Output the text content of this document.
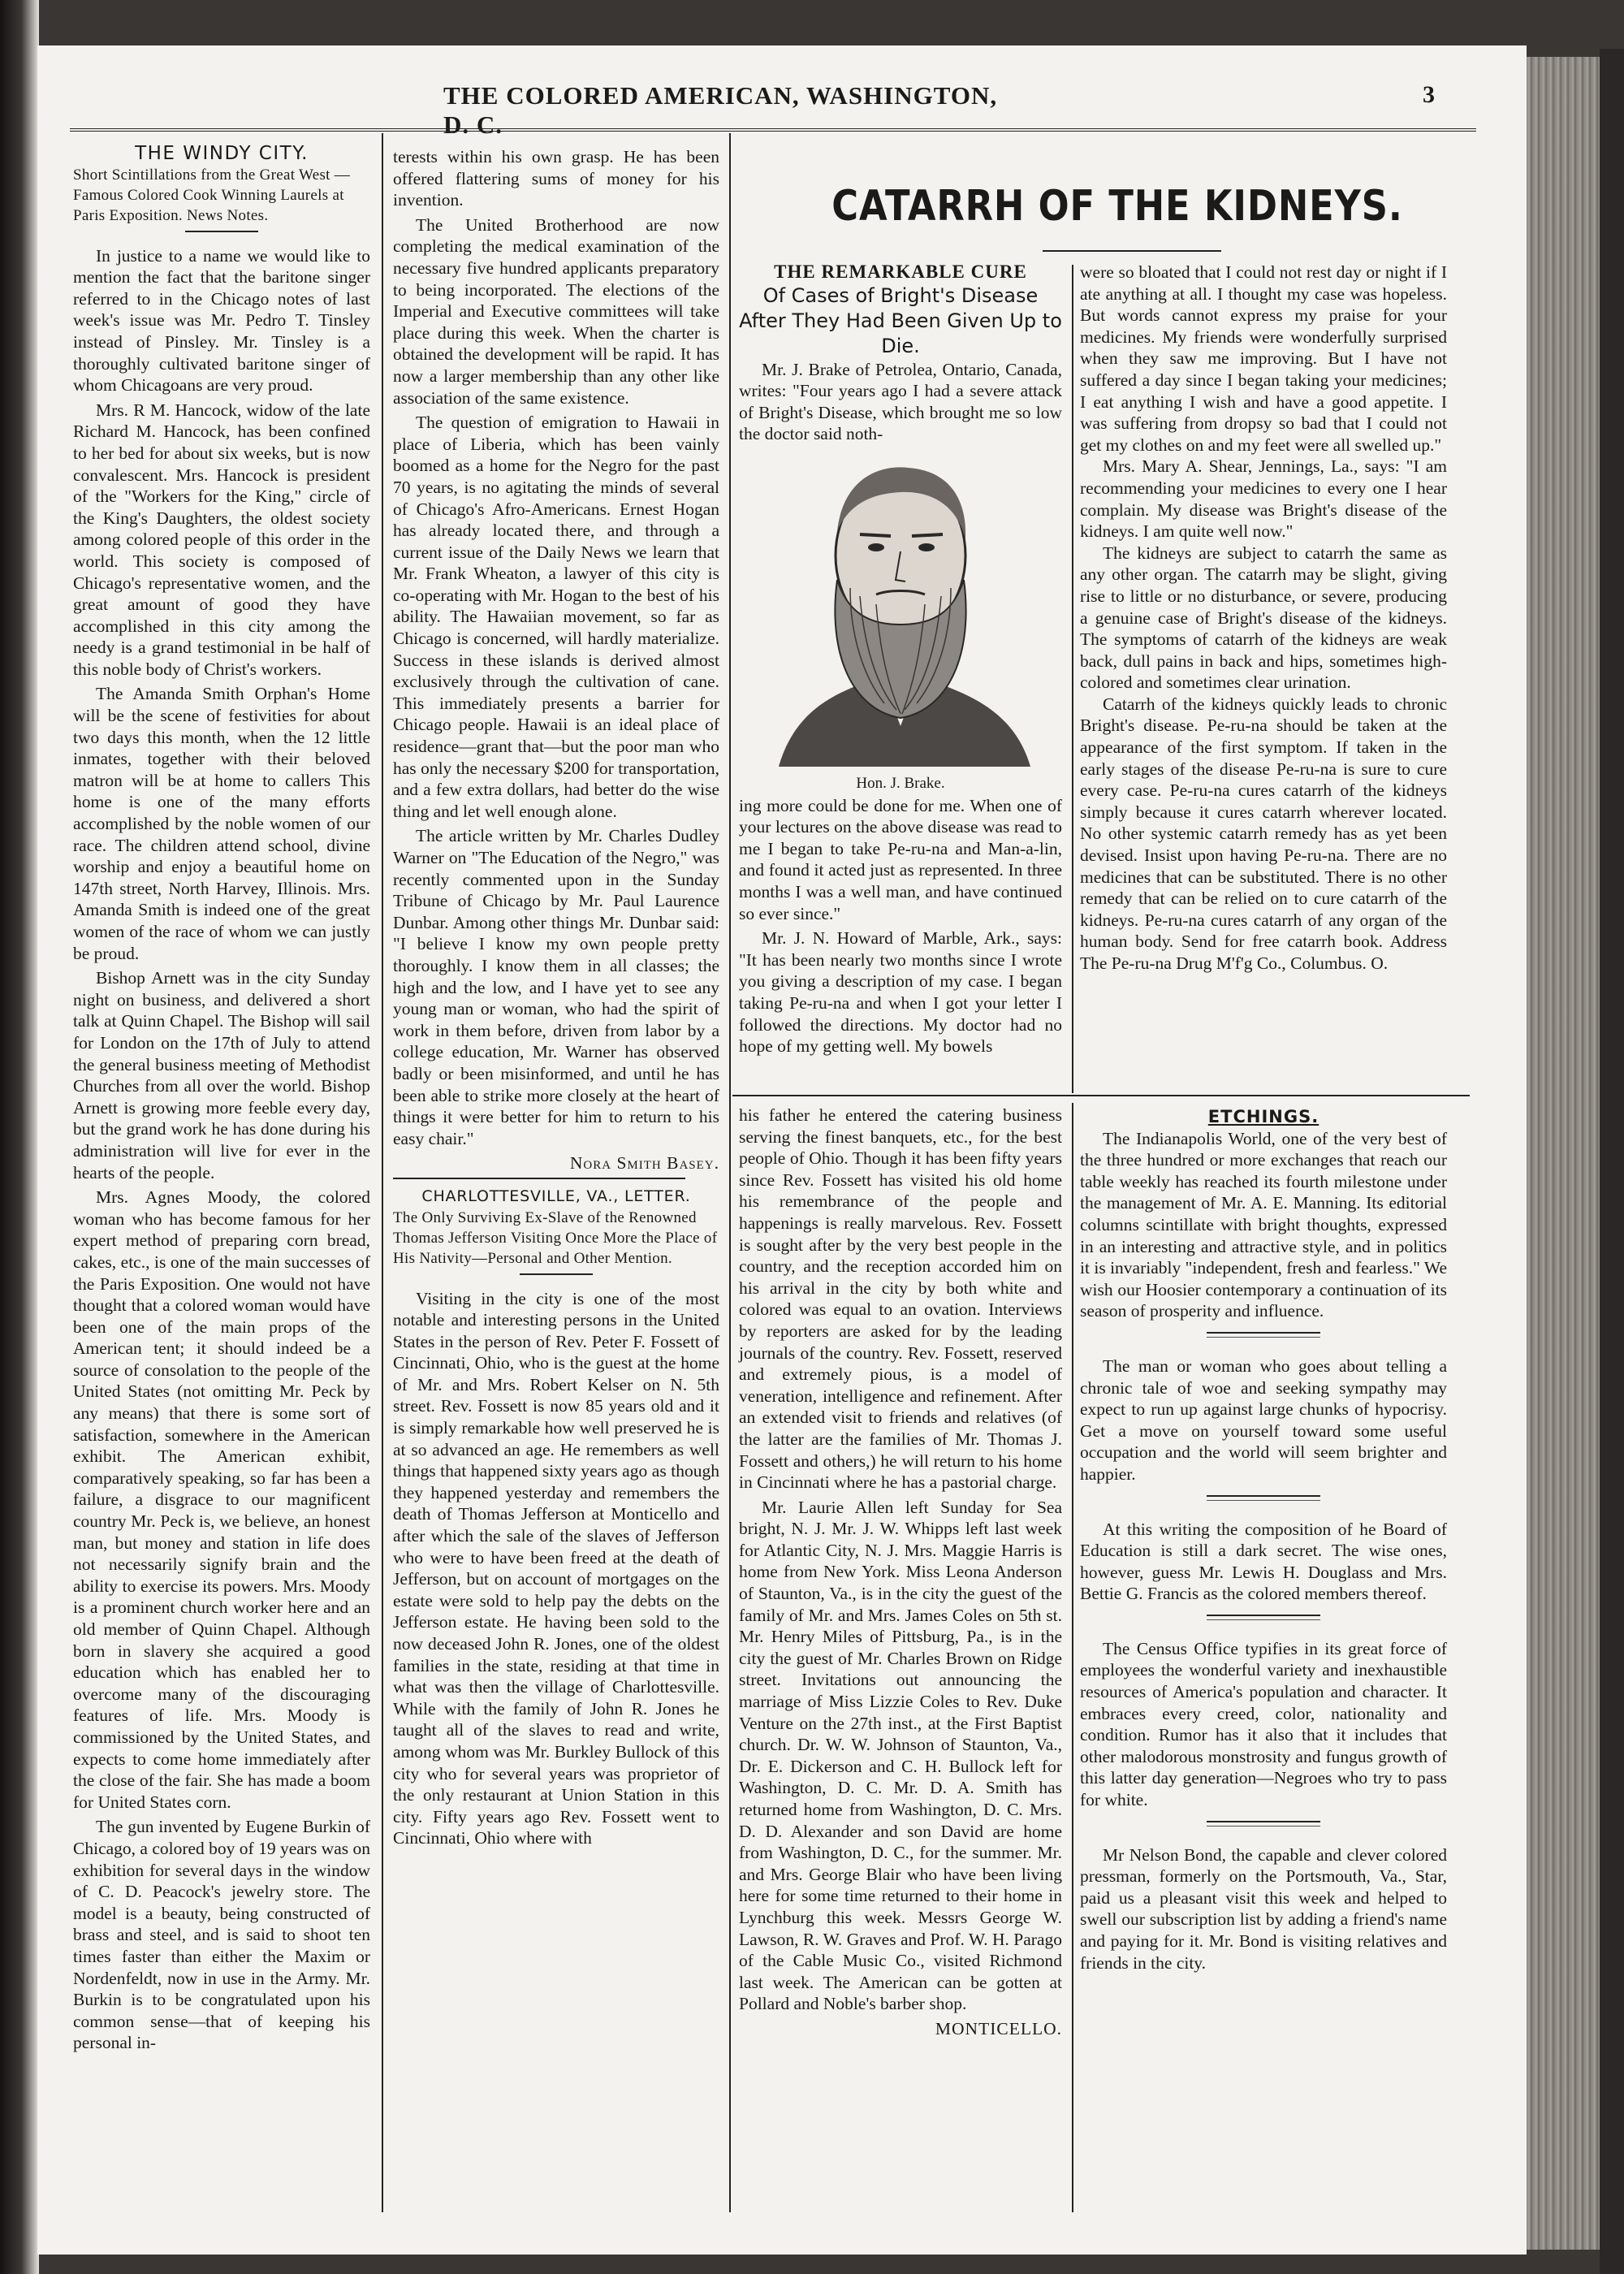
THE COLORED AMERICAN, WASHINGTON, D. C.
3

THE WINDY CITY.

Short Scintillations from the Great West —Famous Colored Cook Winning Laurels at Paris Exposition. News Notes.

In justice to a name we would like to mention the fact that the baritone singer referred to in the Chicago notes of last week's issue was Mr. Pedro T. Tinsley instead of Pinsley. Mr. Tinsley is a thoroughly cultivated baritone singer of whom Chicagoans are very proud.

Mrs. R M. Hancock, widow of the late Richard M. Hancock, has been confined to her bed for about six weeks, but is now convalescent. Mrs. Hancock is president of the "Workers for the King," circle of the King's Daughters, the oldest society among colored people of this order in the world. This society is composed of Chicago's representative women, and the great amount of good they have accomplished in this city among the needy is a grand testimonial in be half of this noble body of Christ's workers.

The Amanda Smith Orphan's Home will be the scene of festivities for about two days this month, when the 12 little inmates, together with their beloved matron will be at home to callers This home is one of the many efforts accomplished by the noble women of our race. The children attend school, divine worship and enjoy a beautiful home on 147th street, North Harvey, Illinois. Mrs. Amanda Smith is indeed one of the great women of the race of whom we can justly be proud.

Bishop Arnett was in the city Sunday night on business, and delivered a short talk at Quinn Chapel. The Bishop will sail for London on the 17th of July to attend the general business meeting of Methodist Churches from all over the world. Bishop Arnett is growing more feeble every day, but the grand work he has done during his administration will live for ever in the hearts of the people.

Mrs. Agnes Moody, the colored woman who has become famous for her expert method of preparing corn bread, cakes, etc., is one of the main successes of the Paris Exposition. One would not have thought that a colored woman would have been one of the main props of the American tent; it should indeed be a source of consolation to the people of the United States (not omitting Mr. Peck by any means) that there is some sort of satisfaction, somewhere in the American exhibit. The American exhibit, comparatively speaking, so far has been a failure, a disgrace to our magnificent country Mr. Peck is, we believe, an honest man, but money and station in life does not necessarily signify brain and the ability to exercise its powers. Mrs. Moody is a prominent church worker here and an old member of Quinn Chapel. Although born in slavery she acquired a good education which has enabled her to overcome many of the discouraging features of life. Mrs. Moody is commissioned by the United States, and expects to come home immediately after the close of the fair. She has made a boom for United States corn.

The gun invented by Eugene Burkin of Chicago, a colored boy of 19 years was on exhibition for several days in the window of C. D. Peacock's jewelry store. The model is a beauty, being constructed of brass and steel, and is said to shoot ten times faster than either the Maxim or Nordenfeldt, now in use in the Army. Mr. Burkin is to be congratulated upon his common sense—that of keeping his personal in-

terests within his own grasp. He has been offered flattering sums of money for his invention.

The United Brotherhood are now completing the medical examination of the necessary five hundred applicants preparatory to being incorporated. The elections of the Imperial and Executive committees will take place during this week. When the charter is obtained the development will be rapid. It has now a larger membership than any other like association of the same existence.

The question of emigration to Hawaii in place of Liberia, which has been vainly boomed as a home for the Negro for the past 70 years, is no agitating the minds of several of Chicago's Afro-Americans. Ernest Hogan has already located there, and through a current issue of the Daily News we learn that Mr. Frank Wheaton, a lawyer of this city is co-operating with Mr. Hogan to the best of his ability. The Hawaiian movement, so far as Chicago is concerned, will hardly materialize. Success in these islands is derived almost exclusively through the cultivation of cane. This immediately presents a barrier for Chicago people. Hawaii is an ideal place of residence—grant that—but the poor man who has only the necessary $200 for transportation, and a few extra dollars, had better do the wise thing and let well enough alone.

The article written by Mr. Charles Dudley Warner on "The Education of the Negro," was recently commented upon in the Sunday Tribune of Chicago by Mr. Paul Laurence Dunbar. Among other things Mr. Dunbar said: "I believe I know my own people pretty thoroughly. I know them in all classes; the high and the low, and I have yet to see any young man or woman, who had the spirit of work in them before, driven from labor by a college education, Mr. Warner has observed badly or been misinformed, and until he has been able to strike more closely at the heart of things it were better for him to return to his easy chair."

Nora Smith Basey.

CHARLOTTESVILLE, VA., LETTER.

The Only Surviving Ex-Slave of the Renowned Thomas Jefferson Visiting Once More the Place of His Nativity—Personal and Other Mention.

Visiting in the city is one of the most notable and interesting persons in the United States in the person of Rev. Peter F. Fossett of Cincinnati, Ohio, who is the guest at the home of Mr. and Mrs. Robert Kelser on N. 5th street. Rev. Fossett is now 85 years old and it is simply remarkable how well preserved he is at so advanced an age. He remembers as well things that happened sixty years ago as though they happened yesterday and remembers the death of Thomas Jefferson at Monticello and after which the sale of the slaves of Jefferson who were to have been freed at the death of Jefferson, but on account of mortgages on the estate were sold to help pay the debts on the Jefferson estate. He having been sold to the now deceased John R. Jones, one of the oldest families in the state, residing at that time in what was then the village of Charlottesville. While with the family of John R. Jones he taught all of the slaves to read and write, among whom was Mr. Burkley Bullock of this city who for several years was proprietor of the only restaurant at Union Station in this city. Fifty years ago Rev. Fossett went to Cincinnati, Ohio where with

CATARRH OF THE KIDNEYS.

THE REMARKABLE CURE

Of Cases of Bright's Disease After They Had Been Given Up to Die.

Mr. J. Brake of Petrolea, Ontario, Canada, writes: "Four years ago I had a severe attack of Bright's Disease, which brought me so low the doctor said noth-

Hon. J. Brake.

ing more could be done for me. When one of your lectures on the above disease was read to me I began to take Pe-ru-na and Man-a-lin, and found it acted just as represented. In three months I was a well man, and have continued so ever since."

Mr. J. N. Howard of Marble, Ark., says: "It has been nearly two months since I wrote you giving a description of my case. I began taking Pe-ru-na and when I got your letter I followed the directions. My doctor had no hope of my getting well. My bowels

were so bloated that I could not rest day or night if I ate anything at all. I thought my case was hopeless. But words cannot express my praise for your medicines. My friends were wonderfully surprised when they saw me improving. But I have not suffered a day since I began taking your medicines; I eat anything I wish and have a good appetite. I was suffering from dropsy so bad that I could not get my clothes on and my feet were all swelled up."

Mrs. Mary A. Shear, Jennings, La., says: "I am recommending your medicines to every one I hear complain. My disease was Bright's disease of the kidneys. I am quite well now."

The kidneys are subject to catarrh the same as any other organ. The catarrh may be slight, giving rise to little or no disturbance, or severe, producing a genuine case of Bright's disease of the kidneys. The symptoms of catarrh of the kidneys are weak back, dull pains in back and hips, sometimes high-colored and sometimes clear urination.

Catarrh of the kidneys quickly leads to chronic Bright's disease. Pe-ru-na should be taken at the appearance of the first symptom. If taken in the early stages of the disease Pe-ru-na is sure to cure every case. Pe-ru-na cures catarrh of the kidneys simply because it cures catarrh wherever located. No other systemic catarrh remedy has as yet been devised. Insist upon having Pe-ru-na. There are no medicines that can be substituted. There is no other remedy that can be relied on to cure catarrh of the kidneys. Pe-ru-na cures catarrh of any organ of the human body. Send for free catarrh book. Address The Pe-ru-na Drug M'f'g Co., Columbus. O.

his father he entered the catering business serving the finest banquets, etc., for the best people of Ohio. Though it has been fifty years since Rev. Fossett has visited his old home his remembrance of the people and happenings is really marvelous. Rev. Fossett is sought after by the very best people in the country, and the reception accorded him on his arrival in the city by both white and colored was equal to an ovation. Interviews by reporters are asked for by the leading journals of the country. Rev. Fossett, reserved and extremely pious, is a model of veneration, intelligence and refinement. After an extended visit to friends and relatives (of the latter are the families of Mr. Thomas J. Fossett and others,) he will return to his home in Cincinnati where he has a pastorial charge.

Mr. Laurie Allen left Sunday for Sea bright, N. J. Mr. J. W. Whipps left last week for Atlantic City, N. J. Mrs. Maggie Harris is home from New York. Miss Leona Anderson of Staunton, Va., is in the city the guest of the family of Mr. and Mrs. James Coles on 5th st. Mr. Henry Miles of Pittsburg, Pa., is in the city the guest of Mr. Charles Brown on Ridge street. Invitations out announcing the marriage of Miss Lizzie Coles to Rev. Duke Venture on the 27th inst., at the First Baptist church. Dr. W. W. Johnson of Staunton, Va., Dr. E. Dickerson and C. H. Bullock left for Washington, D. C. Mr. D. A. Smith has returned home from Washington, D. C. Mrs. D. D. Alexander and son David are home from Washington, D. C., for the summer. Mr. and Mrs. George Blair who have been living here for some time returned to their home in Lynchburg this week. Messrs George W. Lawson, R. W. Graves and Prof. W. H. Parago of the Cable Music Co., visited Richmond last week. The American can be gotten at Pollard and Noble's barber shop.

MONTICELLO.

ETCHINGS.

The Indianapolis World, one of the very best of the three hundred or more exchanges that reach our table weekly has reached its fourth milestone under the management of Mr. A. E. Manning. Its editorial columns scintillate with bright thoughts, expressed in an interesting and attractive style, and in politics it is invariably "independent, fresh and fearless." We wish our Hoosier contemporary a continuation of its season of prosperity and influence.

The man or woman who goes about telling a chronic tale of woe and seeking sympathy may expect to run up against large chunks of hypocrisy. Get a move on yourself toward some useful occupation and the world will seem brighter and happier.

At this writing the composition of he Board of Education is still a dark secret. The wise ones, however, guess Mr. Lewis H. Douglass and Mrs. Bettie G. Francis as the colored members thereof.

The Census Office typifies in its great force of employees the wonderful variety and inexhaustible resources of America's population and character. It embraces every creed, color, nationality and condition. Rumor has it also that it includes that other malodorous monstrosity and fungus growth of this latter day generation—Negroes who try to pass for white.

Mr Nelson Bond, the capable and clever colored pressman, formerly on the Portsmouth, Va., Star, paid us a pleasant visit this week and helped to swell our subscription list by adding a friend's name and paying for it. Mr. Bond is visiting relatives and friends in the city.
